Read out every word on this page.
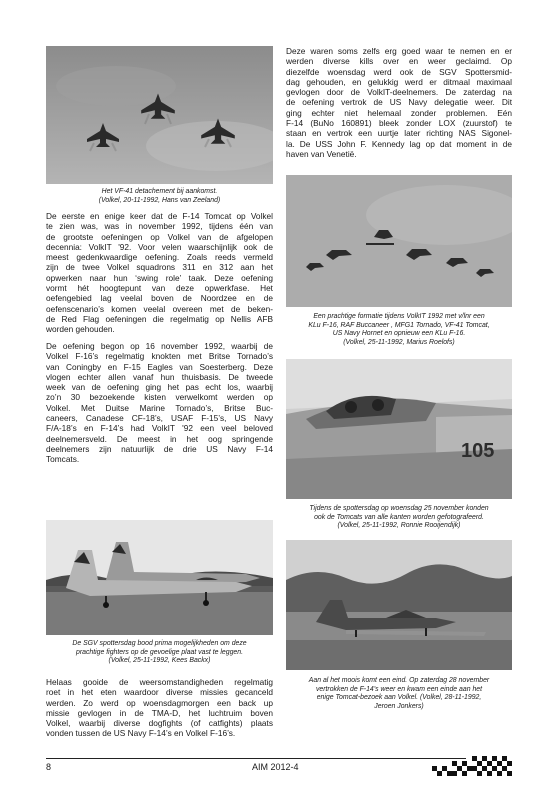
Het VF-41 detachement bij aankomst.
(Volkel, 20-11-1992, Hans van Zeeland)
De eerste en enige keer dat de F-14 Tomcat op Volkel
te zien was, was in november 1992, tijdens één van
de grootste oefeningen op Volkel van de afgelopen
decennia: VolkIT '92. Voor velen waarschijnlijk ook de
meest gedenkwaardige oefening. Zoals reeds vermeld
zijn de twee Volkel squadrons 311 en 312 aan het
opwerken naar hun ‘swing role’ taak. Deze oefening
vormt hét hoogtepunt van deze opwerkfase. Het
oefengebied lag veelal boven de Noordzee en de
oefenscenario’s komen veelal overeen met de beken-
de Red Flag oefeningen die regelmatig op Nellis AFB
worden gehouden.
De oefening begon op 16 november 1992, waarbij de
Volkel F-16’s regelmatig knokten met Britse Tornado’s
van Coningby en F-15 Eagles van Soesterberg. Deze
vlogen echter allen vanaf hun thuisbasis. De tweede
week van de oefening ging het pas echt los, waarbij
zo’n 30 bezoekende kisten verwelkomt werden op
Volkel. Met Duitse Marine Tornado’s, Britse Buc-
caneers, Canadese CF-18’s, USAF F-15’s, US Navy
F/A-18’s en F-14’s had VolkIT '92 een veel beloved
deelnemersveld. De meest in het oog springende
deelnemers zijn natuurlijk de drie US Navy F-14
Tomcats.
De SGV spottersdag bood prima mogelijkheden om deze
prachtige fighters op de gevoelige plaat vast te leggen.
(Volkel, 25-11-1992, Kees Backx)
Helaas gooide de weersomstandigheden regelmatig
roet in het eten waardoor diverse missies gecanceld
werden. Zo werd op woensdagmorgen een back up
missie gevlogen in de TMA-D, het luchtruim boven
Volkel, waarbij diverse dogfights (of catfights) plaats
vonden tussen de US Navy F-14’s en Volkel F-16’s.
Deze waren soms zelfs erg goed waar te nemen en er
werden diverse kills over en weer geclaimd. Op
diezelfde woensdag werd ook de SGV Spottersmid-
dag gehouden, en gelukkig werd er ditmaal maximaal
gevlogen door de VolkIT-deelnemers. De zaterdag na
de oefening vertrok de US Navy delegatie weer. Dit
ging echter niet helemaal zonder problemen. Eén
F-14 (BuNo 160891) bleek zonder LOX (zuurstof) te
staan en vertrok een uurtje later richting NAS Sigonel-
la. De USS John F. Kennedy lag op dat moment in de
haven van Venetië.
Een prachtige formatie tijdens VolkIT 1992 met v/lnr een
KLu F-16, RAF Buccaneer , MFG1 Tornado, VF-41 Tomcat,
US Navy Hornet en opnieuw een KLu F-16.
(Volkel, 25-11-1992, Marius Roelofs)
105
Tijdens de spottersdag op woensdag 25 november konden
ook de Tomcats van alle kanten worden gefotografeerd.
(Volkel, 25-11-1992, Ronnie Rooijendijk)
Aan al het moois komt een eind. Op zaterdag 28 november
vertrokken de F-14’s weer en kwam een einde aan het
enige Tomcat-bezoek aan Volkel. (Volkel, 28-11-1992,
Jeroen Jonkers)
8	AIM 2012-4
